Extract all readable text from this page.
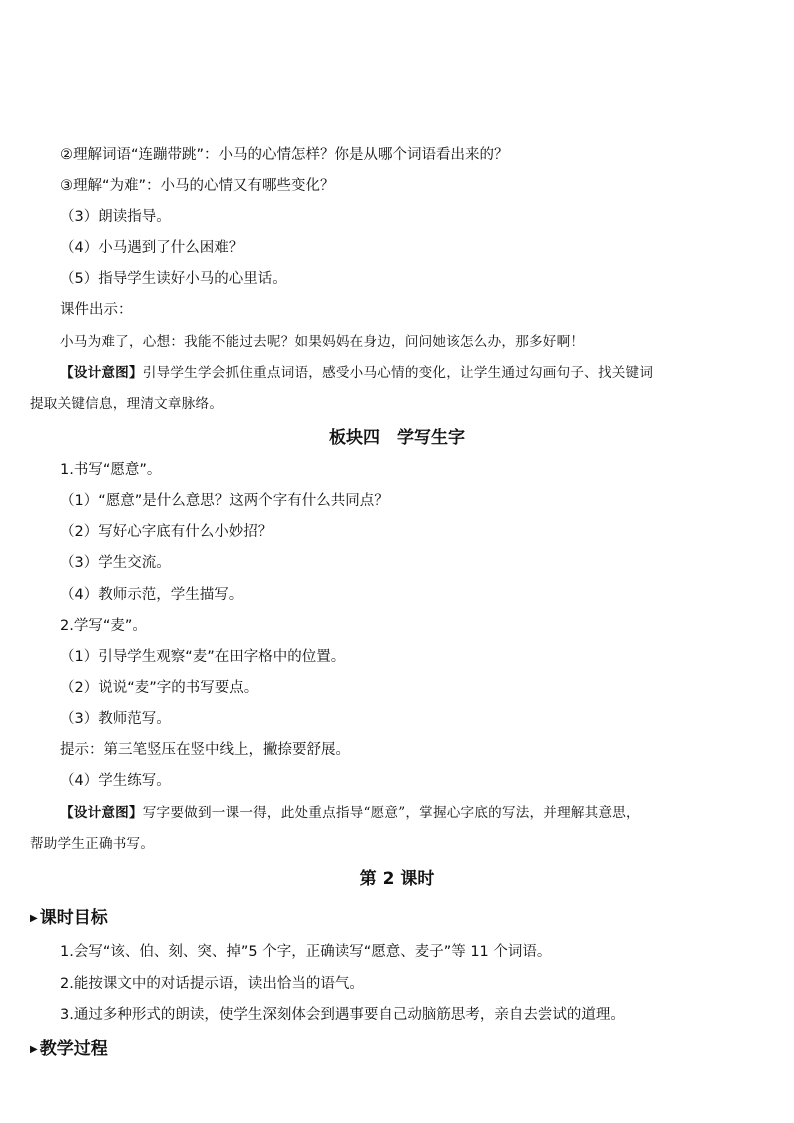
②理解词语“连蹦带跳”：小马的心情怎样？你是从哪个词语看出来的？
③理解“为难”：小马的心情又有哪些变化？
（3）朗读指导。
（4）小马遇到了什么困难？
（5）指导学生读好小马的心里话。
课件出示：
小马为难了，心想：我能不能过去呢？如果妈妈在身边，问问她该怎么办，那多好啊！
【设计意图】引导学生学会抓住重点词语，感受小马心情的变化，让学生通过勾画句子、找关键词
提取关键信息，理清文章脉络。
板块四　学写生字
1.书写“愿意”。
（1）“愿意”是什么意思？这两个字有什么共同点？
（2）写好心字底有什么小妙招？
（3）学生交流。
（4）教师示范，学生描写。
2.学写“麦”。
（1）引导学生观察“麦”在田字格中的位置。
（2）说说“麦”字的书写要点。
（3）教师范写。
提示：第三笔竖压在竖中线上，撇捺要舒展。
（4）学生练写。
【设计意图】写字要做到一课一得，此处重点指导“愿意”，掌握心字底的写法，并理解其意思，
帮助学生正确书写。
第 2 课时
▶ 课时目标
1.会写“该、伯、刻、突、掉”5 个字，正确读写“愿意、麦子”等 11 个词语。
2.能按课文中的对话提示语，读出恰当的语气。
3.通过多种形式的朗读，使学生深刻体会到遇事要自己动脑筋思考，亲自去尝试的道理。
▶ 教学过程
